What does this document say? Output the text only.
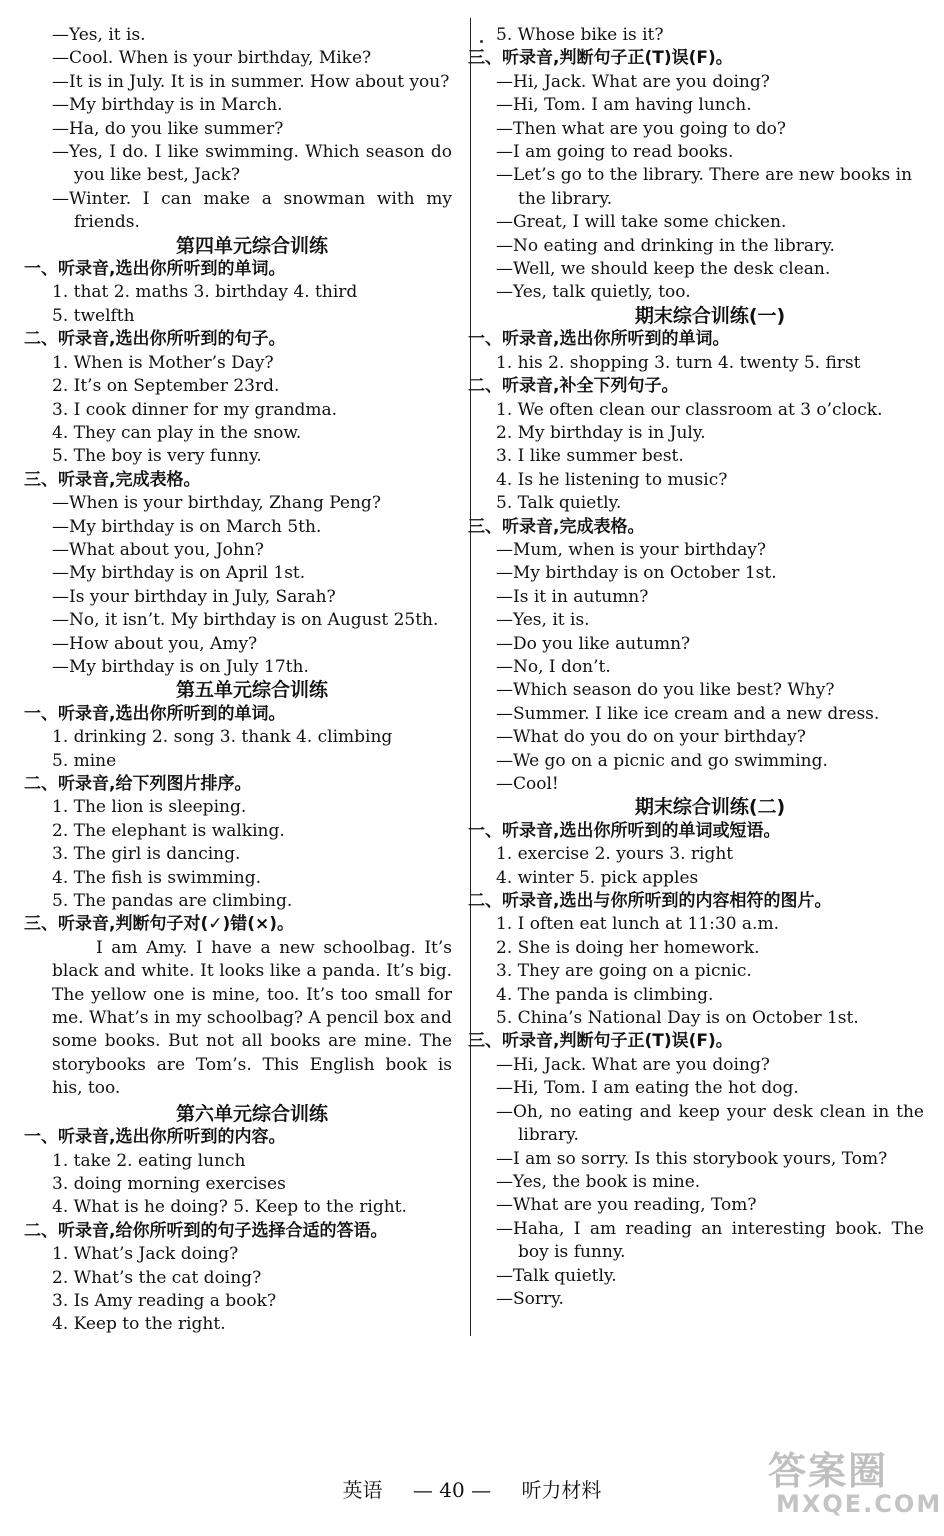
—Yes, it is.
—Cool. When is your birthday, Mike?
—It is in July. It is in summer. How about you?
—My birthday is in March.
—Ha, do you like summer?
—Yes, I do. I like swimming. Which season do you like best, Jack?
—Winter. I can make a snowman with my friends.
第四单元综合训练
一、听录音,选出你所听到的单词。
1. that 2. maths 3. birthday 4. third
5. twelfth
二、听录音,选出你所听到的句子。
1. When is Mother’s Day?
2. It’s on September 23rd.
3. I cook dinner for my grandma.
4. They can play in the snow.
5. The boy is very funny.
三、听录音,完成表格。
—When is your birthday, Zhang Peng?
—My birthday is on March 5th.
—What about you, John?
—My birthday is on April 1st.
—Is your birthday in July, Sarah?
—No, it isn’t. My birthday is on August 25th.
—How about you, Amy?
—My birthday is on July 17th.
第五单元综合训练
一、听录音,选出你所听到的单词。
1. drinking 2. song 3. thank 4. climbing
5. mine
二、听录音,给下列图片排序。
1. The lion is sleeping.
2. The elephant is walking.
3. The girl is dancing.
4. The fish is swimming.
5. The pandas are climbing.
三、听录音,判断句子对(✓)错(×)。
I am Amy. I have a new schoolbag. It’s black and white. It looks like a panda. It’s big. The yellow one is mine, too. It’s too small for me. What’s in my schoolbag? A pencil box and some books. But not all books are mine. The storybooks are Tom’s. This English book is his, too.
第六单元综合训练
一、听录音,选出你所听到的内容。
1. take 2. eating lunch
3. doing morning exercises
4. What is he doing? 5. Keep to the right.
二、听录音,给你所听到的句子选择合适的答语。
1. What’s Jack doing?
2. What’s the cat doing?
3. Is Amy reading a book?
4. Keep to the right.
5. Whose bike is it?
三、听录音,判断句子正(T)误(F)。
—Hi, Jack. What are you doing?
—Hi, Tom. I am having lunch.
—Then what are you going to do?
—I am going to read books.
—Let’s go to the library. There are new books in the library.
—Great, I will take some chicken.
—No eating and drinking in the library.
—Well, we should keep the desk clean.
—Yes, talk quietly, too.
期末综合训练(一)
一、听录音,选出你所听到的单词。
1. his 2. shopping 3. turn 4. twenty 5. first
二、听录音,补全下列句子。
1. We often clean our classroom at 3 o’clock.
2. My birthday is in July.
3. I like summer best.
4. Is he listening to music?
5. Talk quietly.
三、听录音,完成表格。
—Mum, when is your birthday?
—My birthday is on October 1st.
—Is it in autumn?
—Yes, it is.
—Do you like autumn?
—No, I don’t.
—Which season do you like best? Why?
—Summer. I like ice cream and a new dress.
—What do you do on your birthday?
—We go on a picnic and go swimming.
—Cool!
期末综合训练(二)
一、听录音,选出你所听到的单词或短语。
1. exercise 2. yours 3. right
4. winter 5. pick apples
二、听录音,选出与你所听到的内容相符的图片。
1. I often eat lunch at 11:30 a.m.
2. She is doing her homework.
3. They are going on a picnic.
4. The panda is climbing.
5. China’s National Day is on October 1st.
三、听录音,判断句子正(T)误(F)。
—Hi, Jack. What are you doing?
—Hi, Tom. I am eating the hot dog.
—Oh, no eating and keep your desk clean in the library.
—I am so sorry. Is this storybook yours, Tom?
—Yes, the book is mine.
—What are you reading, Tom?
—Haha, I am reading an interesting book. The boy is funny.
—Talk quietly.
—Sorry.
英语 — 40 — 听力材料	答案圈
MXQE.COM
